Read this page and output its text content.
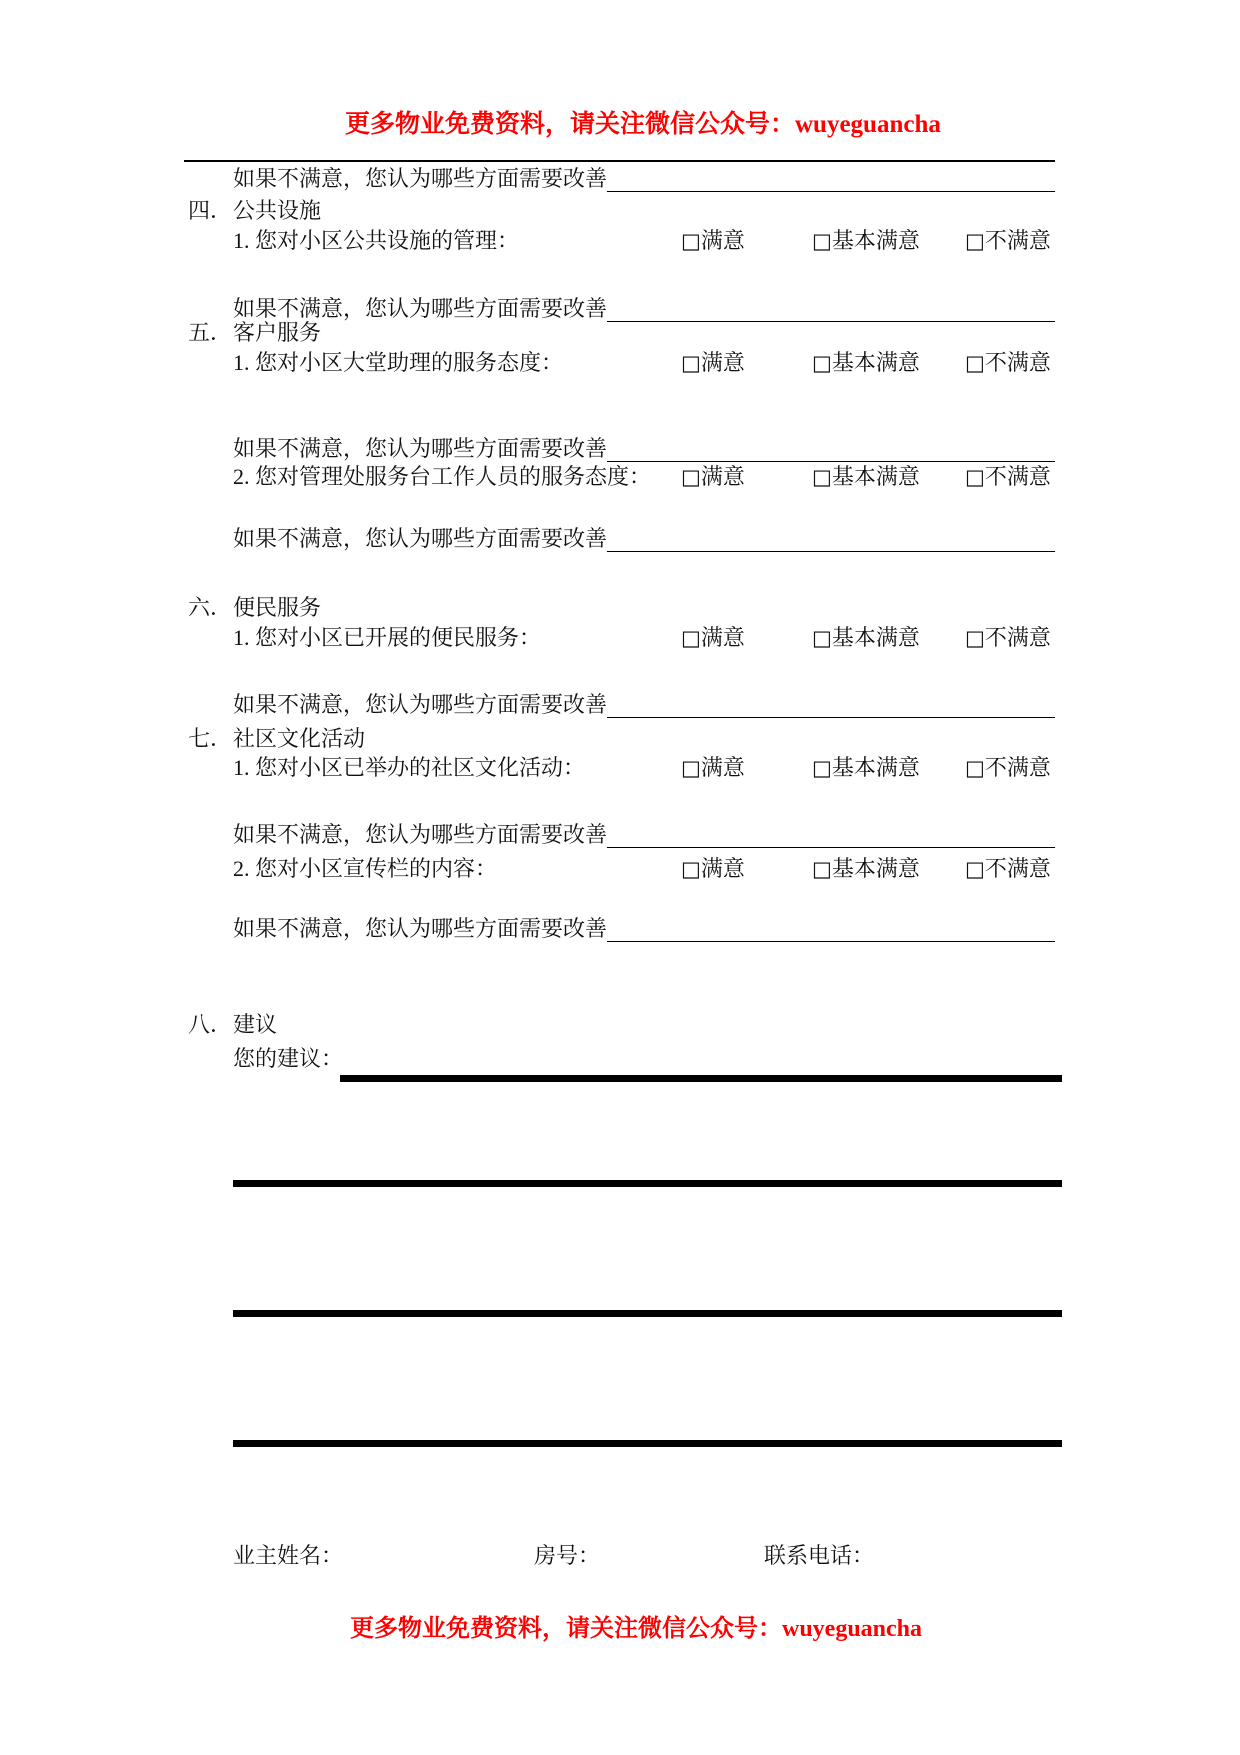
更多物业免费资料，请关注微信公众号：wuyeguancha
如果不满意，您认为哪些方面需要改善
四． 公共设施
1. 您对小区公共设施的管理：	□满意	□基本满意 □不满意
如果不满意，您认为哪些方面需要改善
五． 客户服务
1. 您对小区大堂助理的服务态度：	□满意	□基本满意 □不满意
如果不满意，您认为哪些方面需要改善
2. 您对管理处服务台工作人员的服务态度： □满意	□基本满意 □不满意
如果不满意，您认为哪些方面需要改善
六． 便民服务
1. 您对小区已开展的便民服务：	□满意	□基本满意 □不满意
如果不满意，您认为哪些方面需要改善
七． 社区文化活动
1. 您对小区已举办的社区文化活动：	□满意	□基本满意 □不满意
如果不满意，您认为哪些方面需要改善
2. 您对小区宣传栏的内容：	□满意	□基本满意 □不满意
如果不满意，您认为哪些方面需要改善
八． 建议
您的建议：
业主姓名：	房号：	联系电话：
更多物业免费资料，请关注微信公众号：wuyeguancha
